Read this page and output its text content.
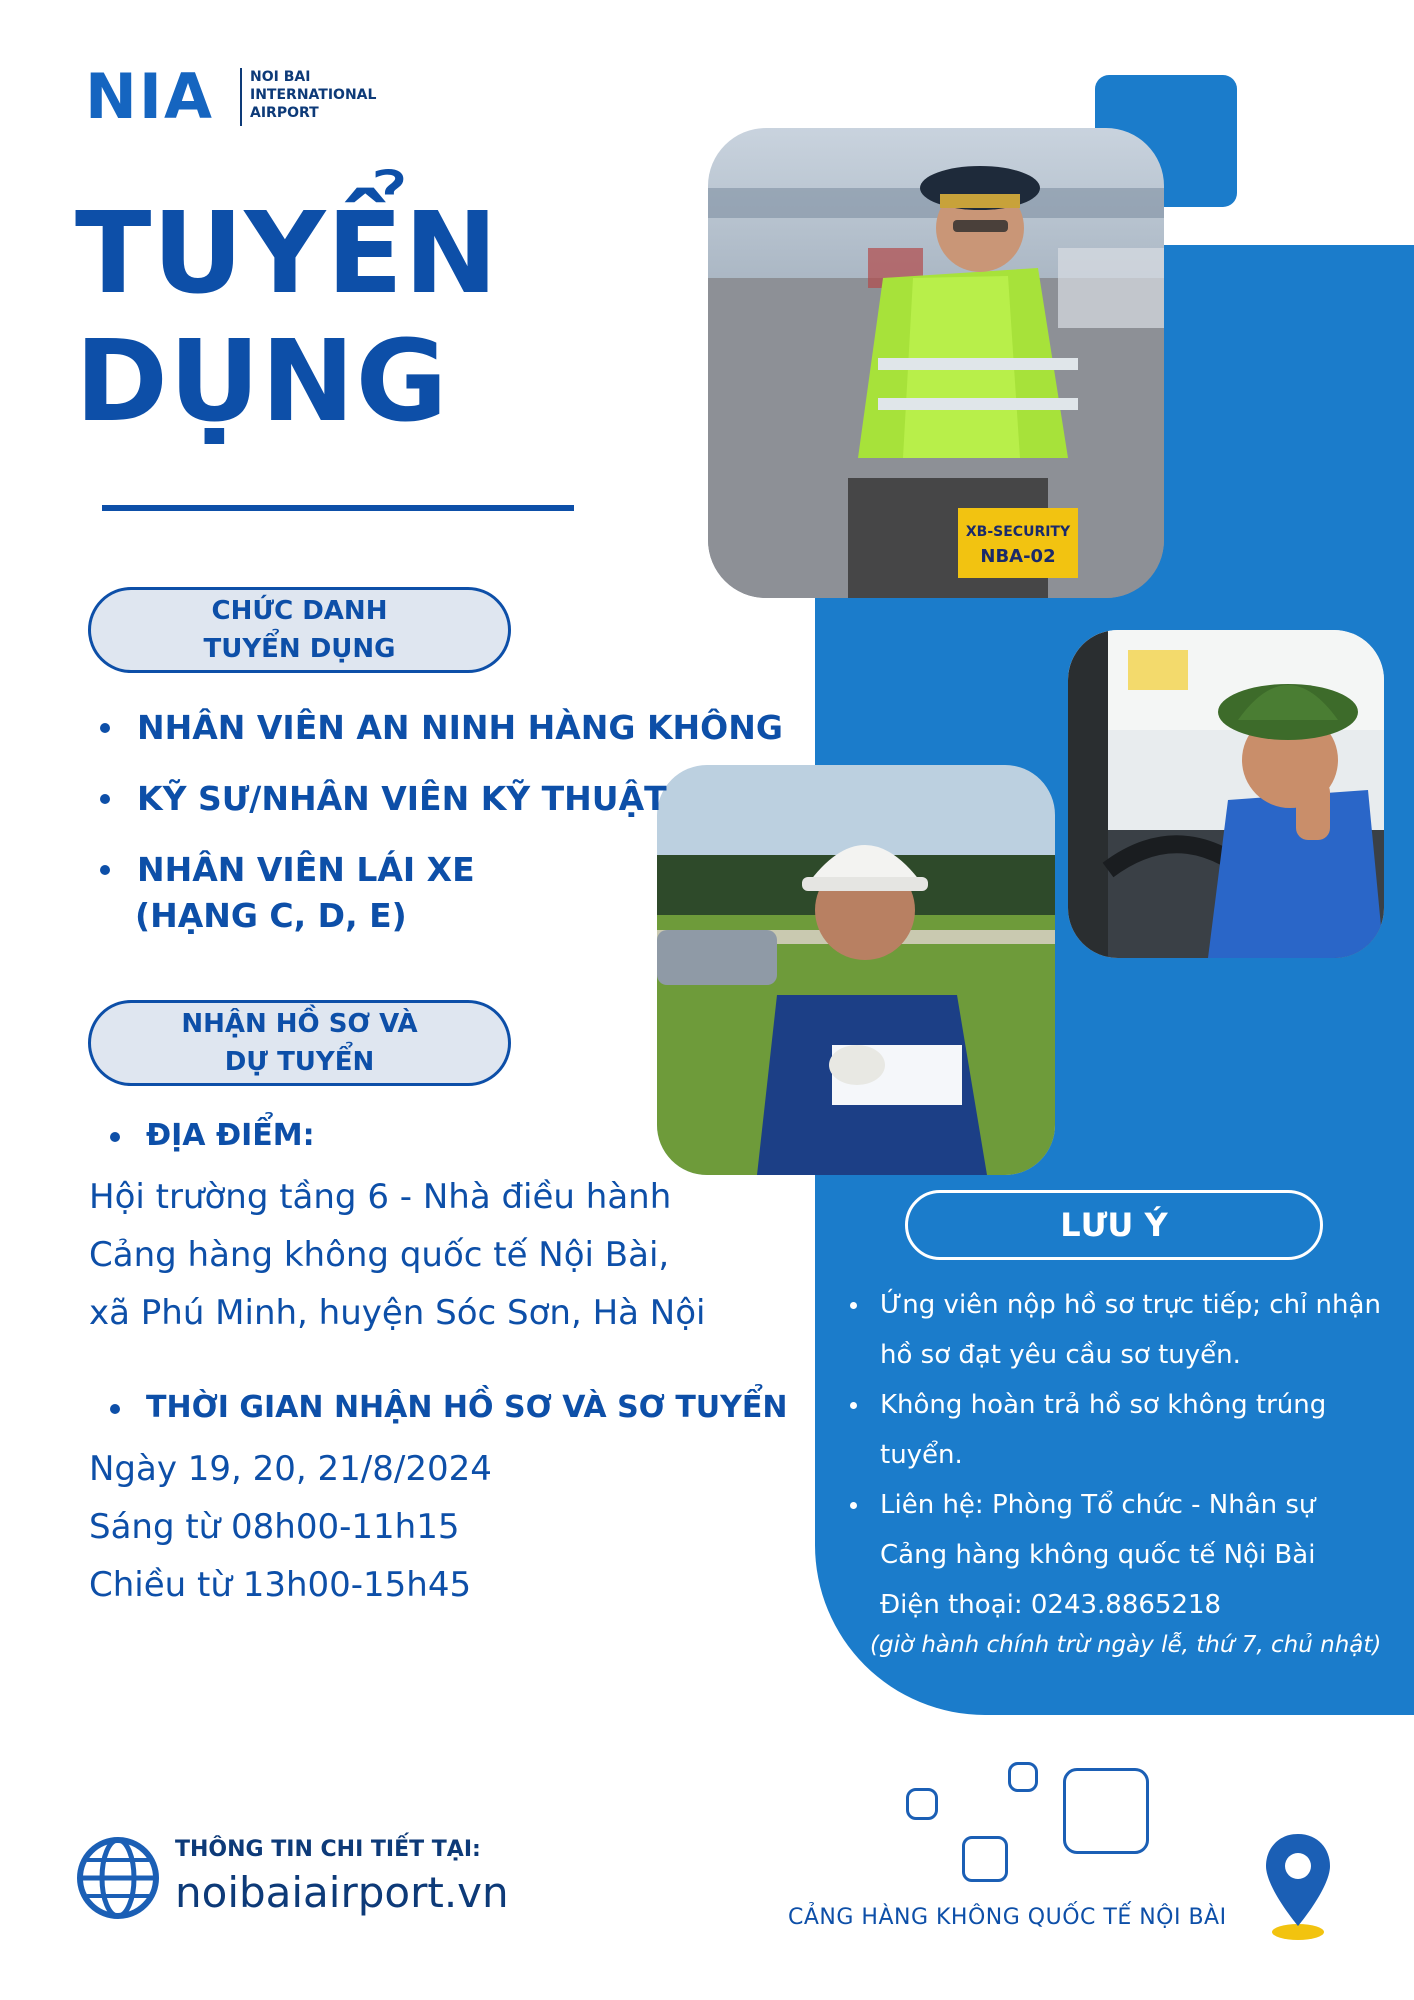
NIA	NOI BAI
INTERNATIONAL
AIRPORT
TUYỂN
DỤNG
XB-SECURITY
NBA-02
CHỨC DANH
TUYỂN DỤNG
NHÂN VIÊN AN NINH HÀNG KHÔNG
KỸ SƯ/NHÂN VIÊN KỸ THUẬT
NHÂN VIÊN LÁI XE
(HẠNG C, D, E)
NHẬN HỒ SƠ VÀ
DỰ TUYỂN
ĐỊA ĐIỂM:
Hội trường tầng 6 - Nhà điều hành
Cảng hàng không quốc tế Nội Bài,
xã Phú Minh, huyện Sóc Sơn, Hà Nội
THỜI GIAN NHẬN HỒ SƠ VÀ SƠ TUYỂN
Ngày 19, 20, 21/8/2024
Sáng từ 08h00-11h15
Chiều từ 13h00-15h45
LƯU Ý
Ứng viên nộp hồ sơ trực tiếp; chỉ nhận
hồ sơ đạt yêu cầu sơ tuyển.
Không hoàn trả hồ sơ không trúng
tuyển.
Liên hệ: Phòng Tổ chức - Nhân sự
Cảng hàng không quốc tế Nội Bài
Điện thoại: 0243.8865218
(giờ hành chính trừ ngày lễ, thứ 7, chủ nhật)
THÔNG TIN CHI TIẾT TẠI:
noibaiairport.vn
CẢNG HÀNG KHÔNG QUỐC TẾ NỘI BÀI
